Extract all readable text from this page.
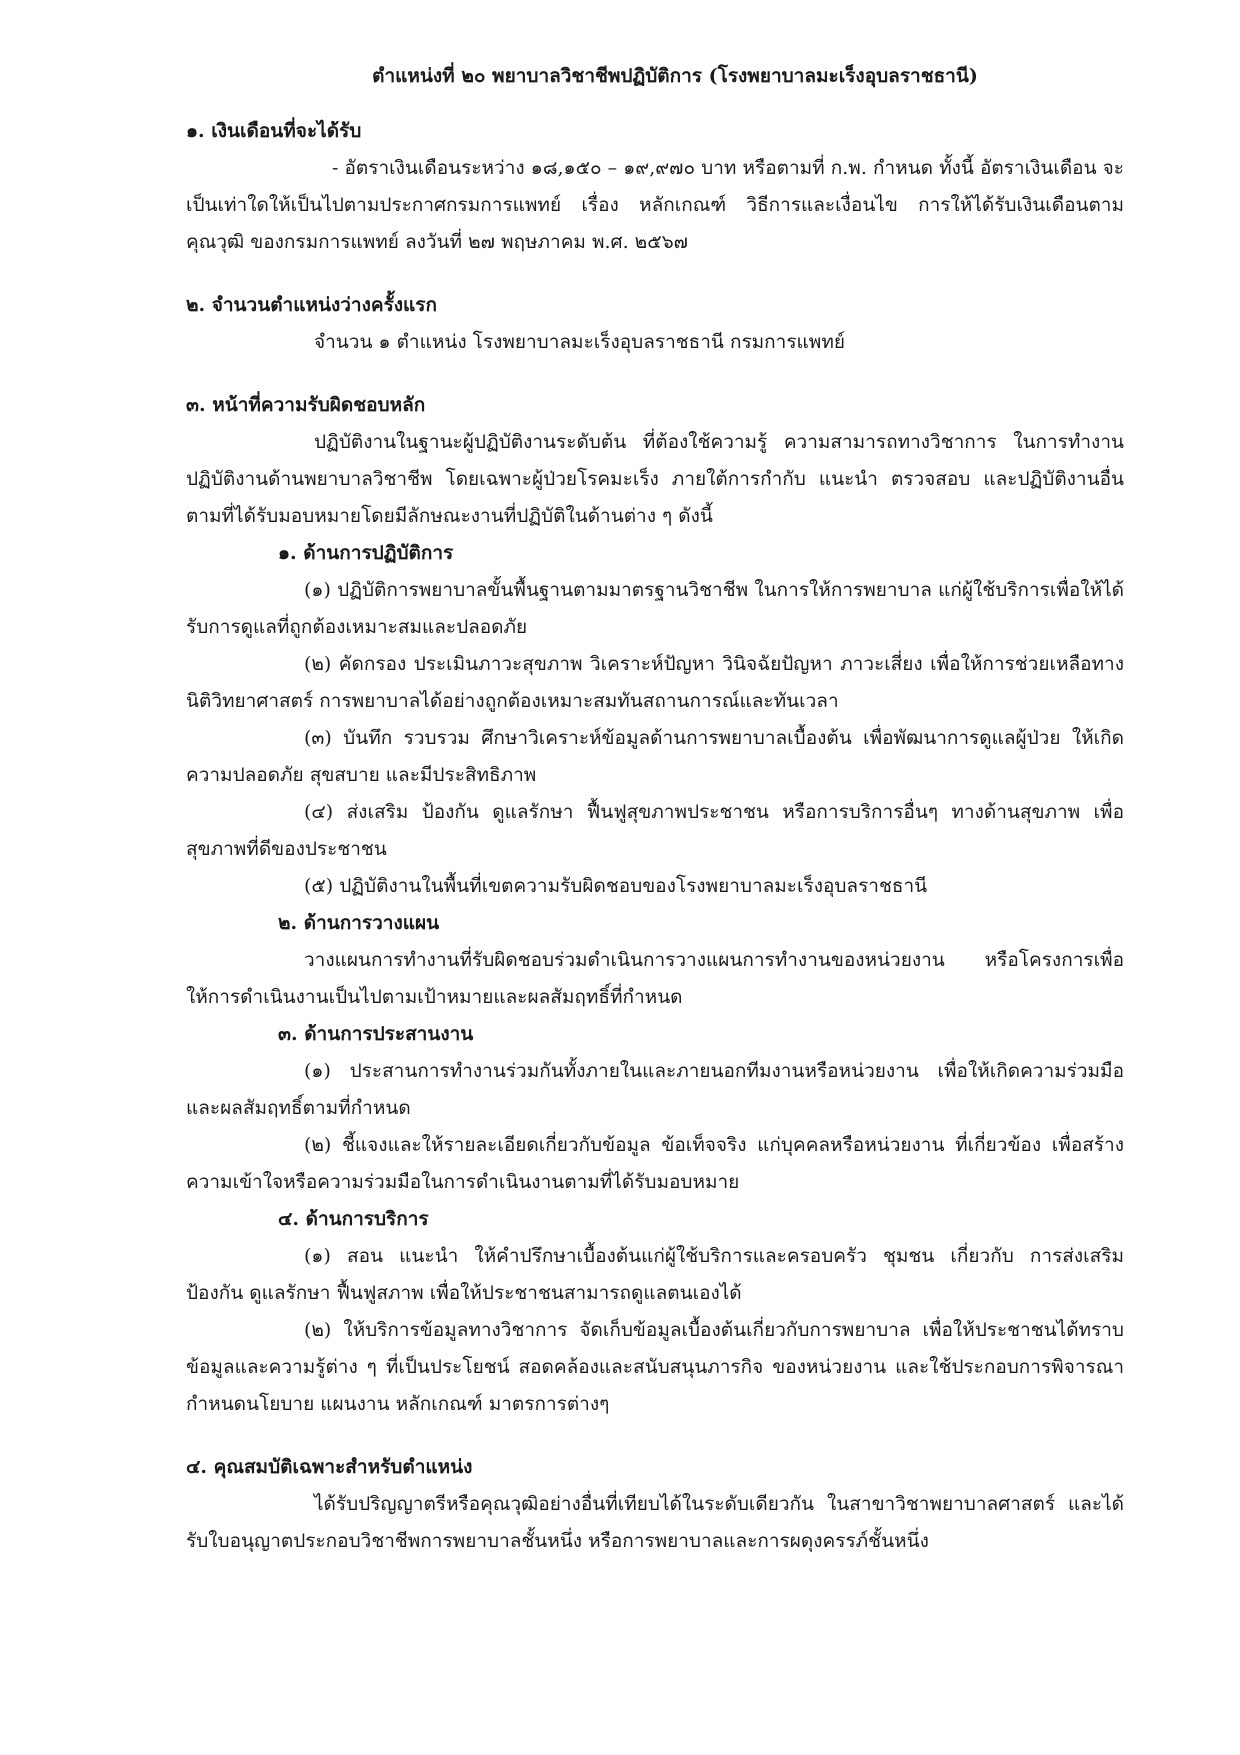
ตำแหน่งที่ ๒๐ พยาบาลวิชาชีพปฏิบัติการ (โรงพยาบาลมะเร็งอุบลราชธานี)
๑. เงินเดือนที่จะได้รับ
- อัตราเงินเดือนระหว่าง ๑๘,๑๕๐ – ๑๙,๙๗๐ บาท หรือตามที่ ก.พ. กำหนด ทั้งนี้ อัตราเงินเดือน จะเป็นเท่าใดให้เป็นไปตามประกาศกรมการแพทย์ เรื่อง หลักเกณฑ์ วิธีการและเงื่อนไข การให้ได้รับเงินเดือนตามคุณวุฒิ ของกรมการแพทย์ ลงวันที่ ๒๗ พฤษภาคม พ.ศ. ๒๕๖๗
๒. จำนวนตำแหน่งว่างครั้งแรก
จำนวน ๑ ตำแหน่ง โรงพยาบาลมะเร็งอุบลราชธานี กรมการแพทย์
๓. หน้าที่ความรับผิดชอบหลัก
ปฏิบัติงานในฐานะผู้ปฏิบัติงานระดับต้น ที่ต้องใช้ความรู้ ความสามารถทางวิชาการ ในการทำงาน ปฏิบัติงานด้านพยาบาลวิชาชีพ โดยเฉพาะผู้ป่วยโรคมะเร็ง ภายใต้การกำกับ แนะนำ ตรวจสอบ และปฏิบัติงานอื่นตามที่ได้รับมอบหมายโดยมีลักษณะงานที่ปฏิบัติในด้านต่าง ๆ ดังนี้
๑. ด้านการปฏิบัติการ
(๑) ปฏิบัติการพยาบาลขั้นพื้นฐานตามมาตรฐานวิชาชีพ ในการให้การพยาบาล แก่ผู้ใช้บริการเพื่อให้ได้รับการดูแลที่ถูกต้องเหมาะสมและปลอดภัย
(๒) คัดกรอง ประเมินภาวะสุขภาพ วิเคราะห์ปัญหา วินิจฉัยปัญหา ภาวะเสี่ยง เพื่อให้การช่วยเหลือทางนิติวิทยาศาสตร์ การพยาบาลได้อย่างถูกต้องเหมาะสมทันสถานการณ์และทันเวลา
(๓) บันทึก รวบรวม ศึกษาวิเคราะห์ข้อมูลด้านการพยาบาลเบื้องต้น เพื่อพัฒนาการดูแลผู้ป่วย ให้เกิดความปลอดภัย สุขสบาย และมีประสิทธิภาพ
(๔) ส่งเสริม ป้องกัน ดูแลรักษา ฟื้นฟูสุขภาพประชาชน หรือการบริการอื่นๆ ทางด้านสุขภาพ เพื่อสุขภาพที่ดีของประชาชน
(๕) ปฏิบัติงานในพื้นที่เขตความรับผิดชอบของโรงพยาบาลมะเร็งอุบลราชธานี
๒. ด้านการวางแผน
วางแผนการทำงานที่รับผิดชอบร่วมดำเนินการวางแผนการทำงานของหน่วยงาน หรือโครงการเพื่อให้การดำเนินงานเป็นไปตามเป้าหมายและผลสัมฤทธิ์ที่กำหนด
๓. ด้านการประสานงาน
(๑) ประสานการทำงานร่วมกันทั้งภายในและภายนอกทีมงานหรือหน่วยงาน เพื่อให้เกิดความร่วมมือและผลสัมฤทธิ์ตามที่กำหนด
(๒) ชี้แจงและให้รายละเอียดเกี่ยวกับข้อมูล ข้อเท็จจริง แก่บุคคลหรือหน่วยงาน ที่เกี่ยวข้อง เพื่อสร้างความเข้าใจหรือความร่วมมือในการดำเนินงานตามที่ได้รับมอบหมาย
๔. ด้านการบริการ
(๑) สอน แนะนำ ให้คำปรึกษาเบื้องต้นแก่ผู้ใช้บริการและครอบครัว ชุมชน เกี่ยวกับ การส่งเสริม ป้องกัน ดูแลรักษา ฟื้นฟูสภาพ เพื่อให้ประชาชนสามารถดูแลตนเองได้
(๒) ให้บริการข้อมูลทางวิชาการ จัดเก็บข้อมูลเบื้องต้นเกี่ยวกับการพยาบาล เพื่อให้ประชาชนได้ทราบข้อมูลและความรู้ต่าง ๆ ที่เป็นประโยชน์ สอดคล้องและสนับสนุนภารกิจ ของหน่วยงาน และใช้ประกอบการพิจารณากำหนดนโยบาย แผนงาน หลักเกณฑ์ มาตรการต่างๆ
๔. คุณสมบัติเฉพาะสำหรับตำแหน่ง
ได้รับปริญญาตรีหรือคุณวุฒิอย่างอื่นที่เทียบได้ในระดับเดียวกัน ในสาขาวิชาพยาบาลศาสตร์ และได้รับใบอนุญาตประกอบวิชาชีพการพยาบาลชั้นหนึ่ง หรือการพยาบาลและการผดุงครรภ์ชั้นหนึ่ง
